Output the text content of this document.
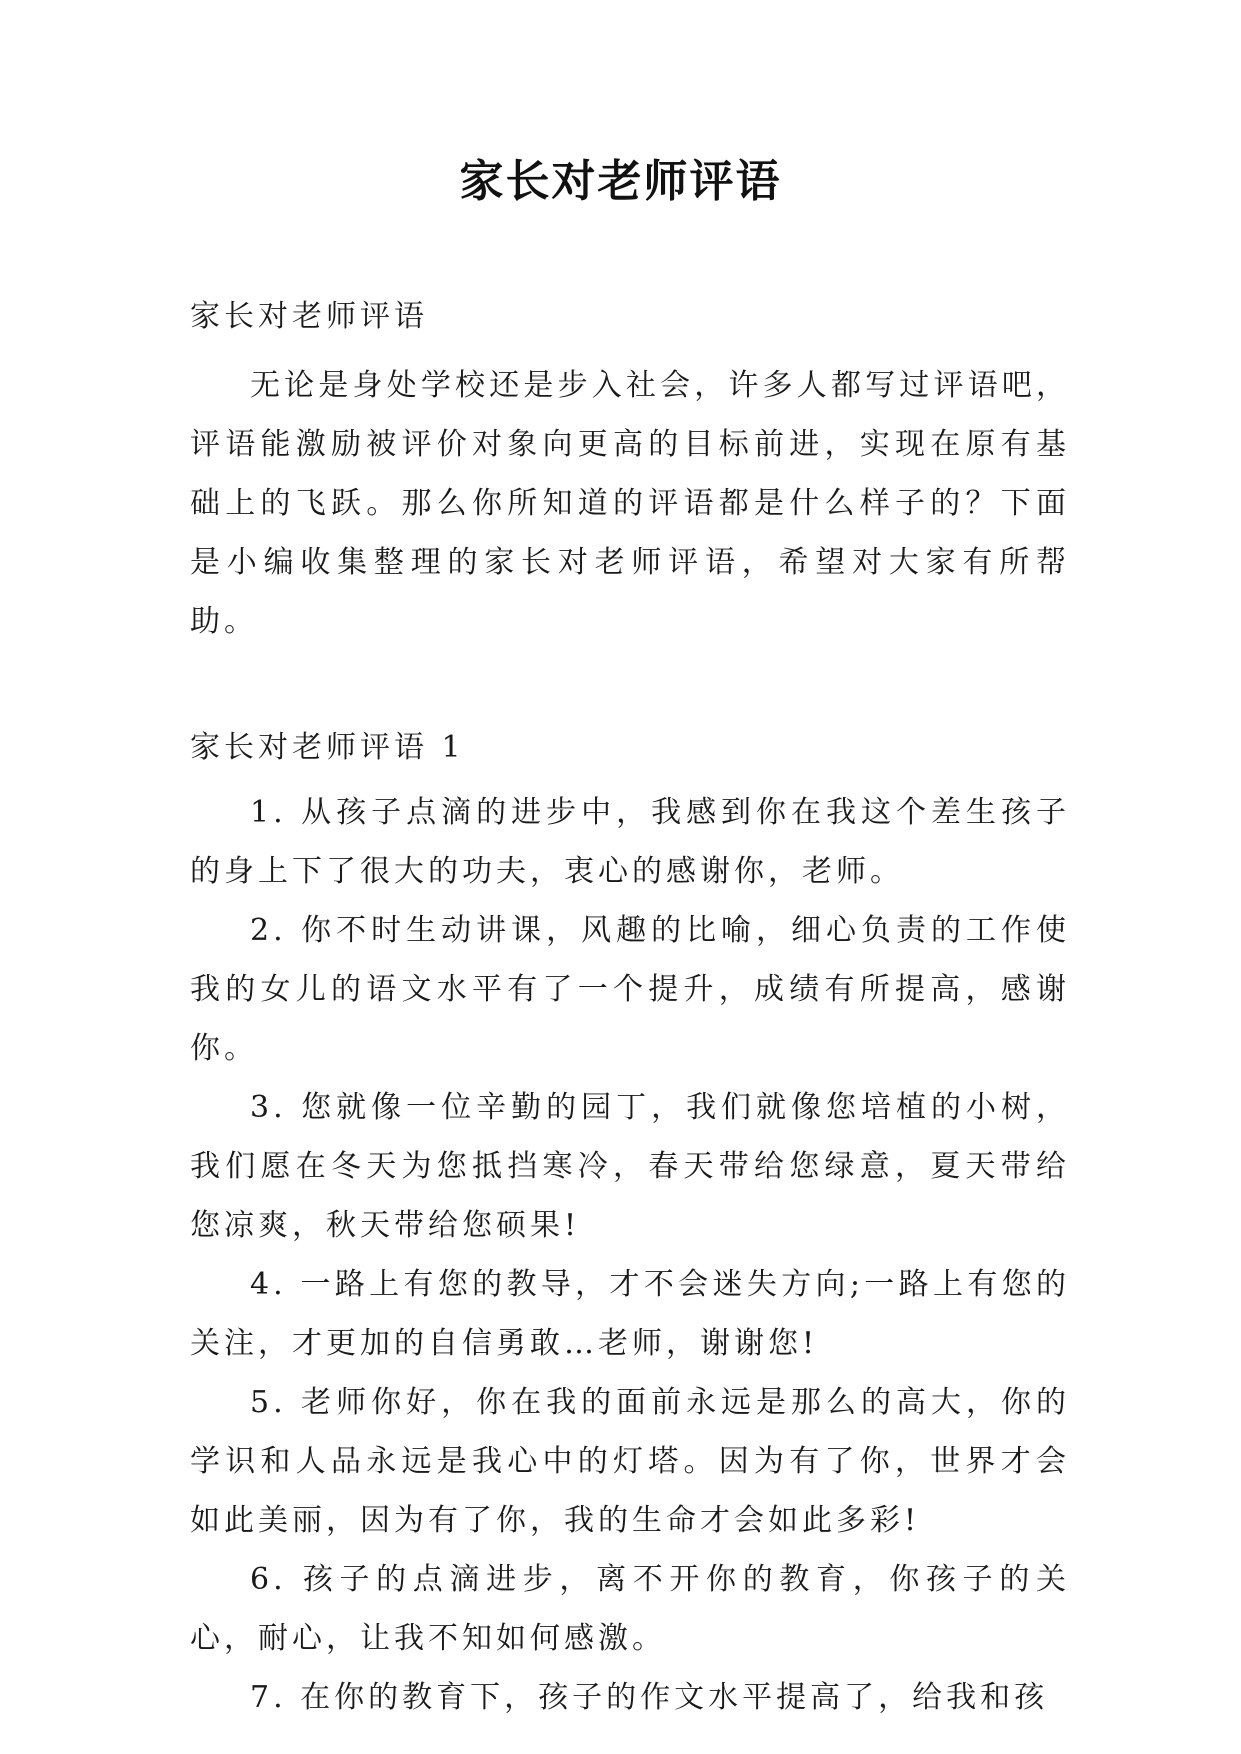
家长对老师评语
家长对老师评语

无论是身处学校还是步入社会，许多人都写过评语吧，评语能激励被评价对象向更高的目标前进，实现在原有基础上的飞跃。那么你所知道的评语都是什么样子的？下面是小编收集整理的家长对老师评语，希望对大家有所帮助。

家长对老师评语 1

1. 从孩子点滴的进步中，我感到你在我这个差生孩子的身上下了很大的功夫，衷心的感谢你，老师。

2. 你不时生动讲课，风趣的比喻，细心负责的工作使我的女儿的语文水平有了一个提升，成绩有所提高，感谢你。

3. 您就像一位辛勤的园丁，我们就像您培植的小树，我们愿在冬天为您抵挡寒冷，春天带给您绿意，夏天带给您凉爽，秋天带给您硕果!

4. 一路上有您的教导，才不会迷失方向;一路上有您的关注，才更加的自信勇敢…老师，谢谢您!

5. 老师你好，你在我的面前永远是那么的高大，你的学识和人品永远是我心中的灯塔。因为有了你，世界才会如此美丽，因为有了你，我的生命才会如此多彩!

6. 孩子的点滴进步，离不开你的教育，你孩子的关心，耐心，让我不知如何感激。

7. 在你的教育下，孩子的作文水平提高了，给我和孩
